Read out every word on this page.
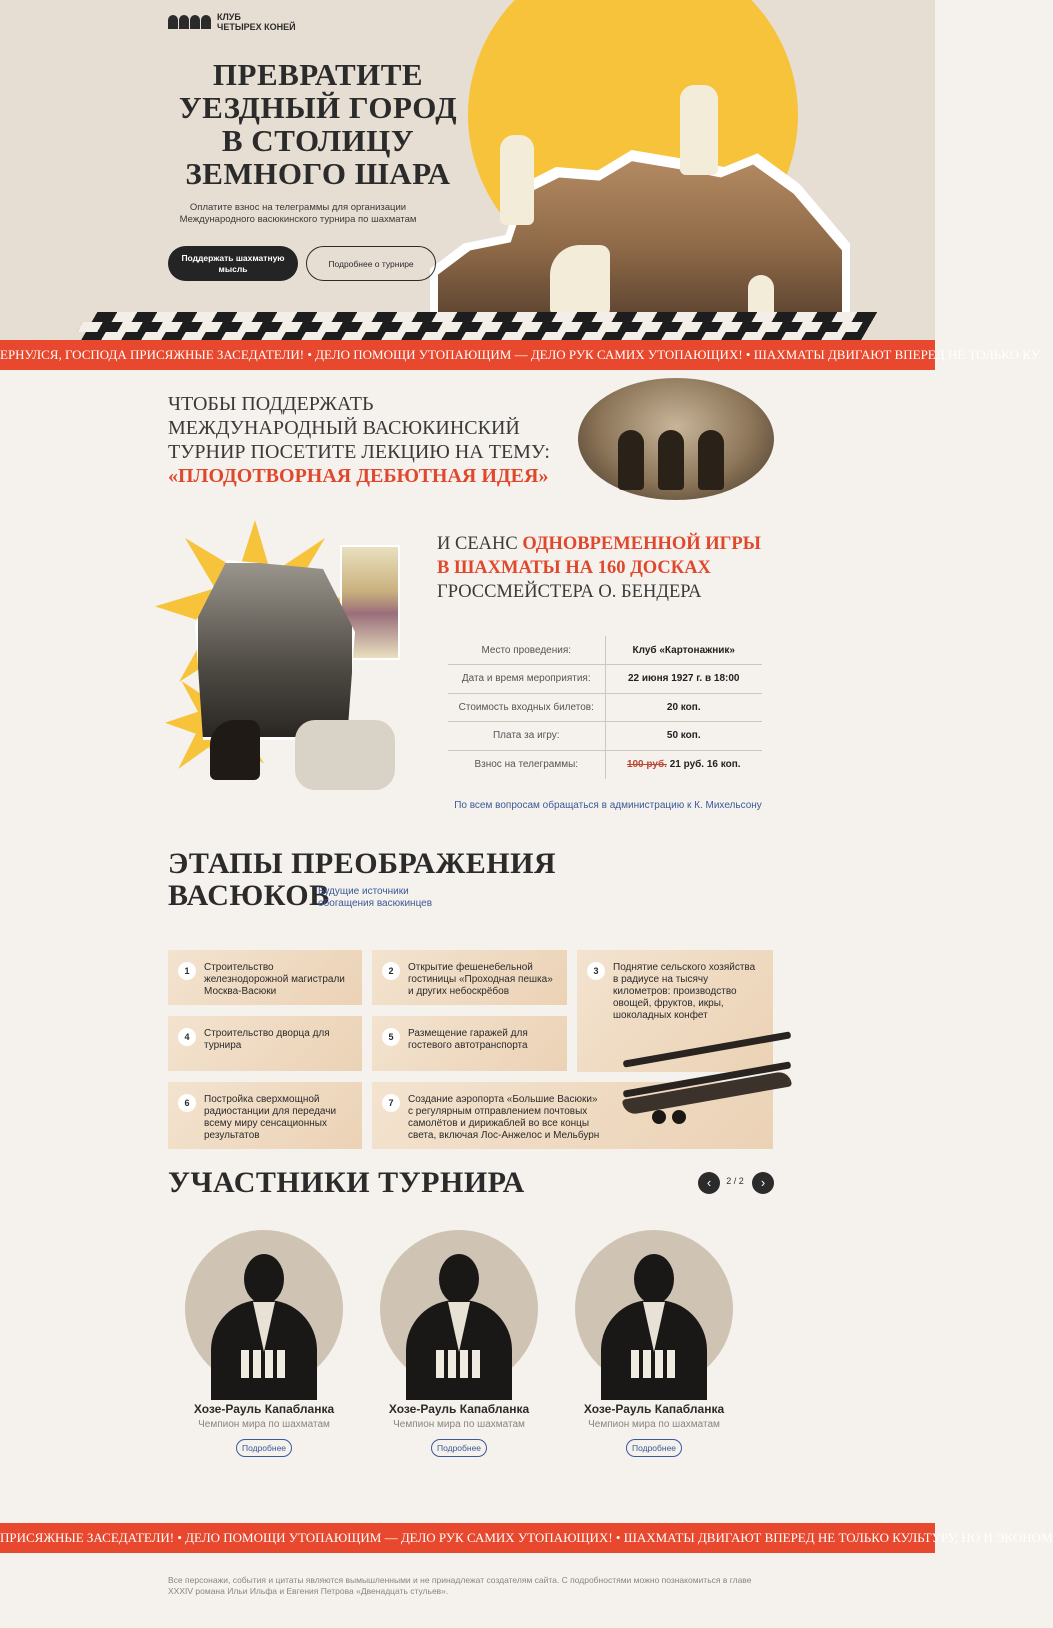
КЛУБ
ЧЕТЫРЕХ КОНЕЙ
ПРЕВРАТИТЕ УЕЗДНЫЙ ГОРОД В СТОЛИЦУ ЗЕМНОГО ШАРА

Оплатите взнос на телеграммы для организации Международного васюкинского турнира по шахматам

Поддержать шахматную мысль	Подробнее о турнире
ЕРНУЛСЯ, ГОСПОДА ПРИСЯЖНЫЕ ЗАСЕДАТЕЛИ! • ДЕЛО ПОМОЩИ УТОПАЮЩИМ — ДЕЛО РУК САМИХ УТОПАЮЩИХ! • ШАХМАТЫ ДВИГАЮТ ВПЕРЕД НЕ ТОЛЬКО КУ
ЧТОБЫ ПОДДЕРЖАТЬ МЕЖДУНАРОДНЫЙ ВАСЮКИНСКИЙ ТУРНИР ПОСЕТИТЕ ЛЕКЦИЮ НА ТЕМУ:
«ПЛОДОТВОРНАЯ ДЕБЮТНАЯ ИДЕЯ»
И СЕАНС ОДНОВРЕМЕННОЙ ИГРЫ В ШАХМАТЫ НА 160 ДОСКАХ
ГРОССМЕЙСТЕРА О. БЕНДЕРА
Место проведения:	Клуб «Картонажник»
Дата и время мероприятия:	22 июня 1927 г. в 18:00
Стоимость входных билетов:	20 коп.
Плата за игру:	50 коп.
Взнос на телеграммы:	100 руб. 21 руб. 16 коп.
По всем вопросам обращаться в администрацию к К. Михельсону
ЭТАПЫ ПРЕОБРАЖЕНИЯ ВАСЮКОВ

Будущие источники обогащения васюкинцев

1	Строительство железнодорожной магистрали Москва-Васюки
2	Открытие фешенебельной гостиницы «Проходная пешка» и других небоскрёбов
3	Поднятие сельского хозяйства в радиусе на тысячу километров: производство овощей, фруктов, икры, шоколадных конфет
4	Строительство дворца для турнира
5	Размещение гаражей для гостевого автотранспорта
6	Постройка сверхмощной радиостанции для передачи всему миру сенсационных результатов
7	Создание аэропорта «Большие Васюки» с регулярным отправлением почтовых самолётов и дирижаблей во все концы света, включая Лос-Анжелос и Мельбурн
УЧАСТНИКИ ТУРНИРА	‹	2 / 2	›
Хозе-Рауль Капабланка
Чемпион мира по шахматам
Подробнее
Хозе-Рауль Капабланка
Чемпион мира по шахматам
Подробнее
Хозе-Рауль Капабланка
Чемпион мира по шахматам
Подробнее
ПРИСЯЖНЫЕ ЗАСЕДАТЕЛИ! • ДЕЛО ПОМОЩИ УТОПАЮЩИМ — ДЕЛО РУК САМИХ УТОПАЮЩИХ! • ШАХМАТЫ ДВИГАЮТ ВПЕРЕД НЕ ТОЛЬКО КУЛЬТУРУ, НО И ЭКОНОМ

Все персонажи, события и цитаты являются вымышленными и не принадлежат создателям сайта. С подробностями можно познакомиться в главе XXXIV романа Ильи Ильфа и Евгения Петрова «Двенадцать стульев».
